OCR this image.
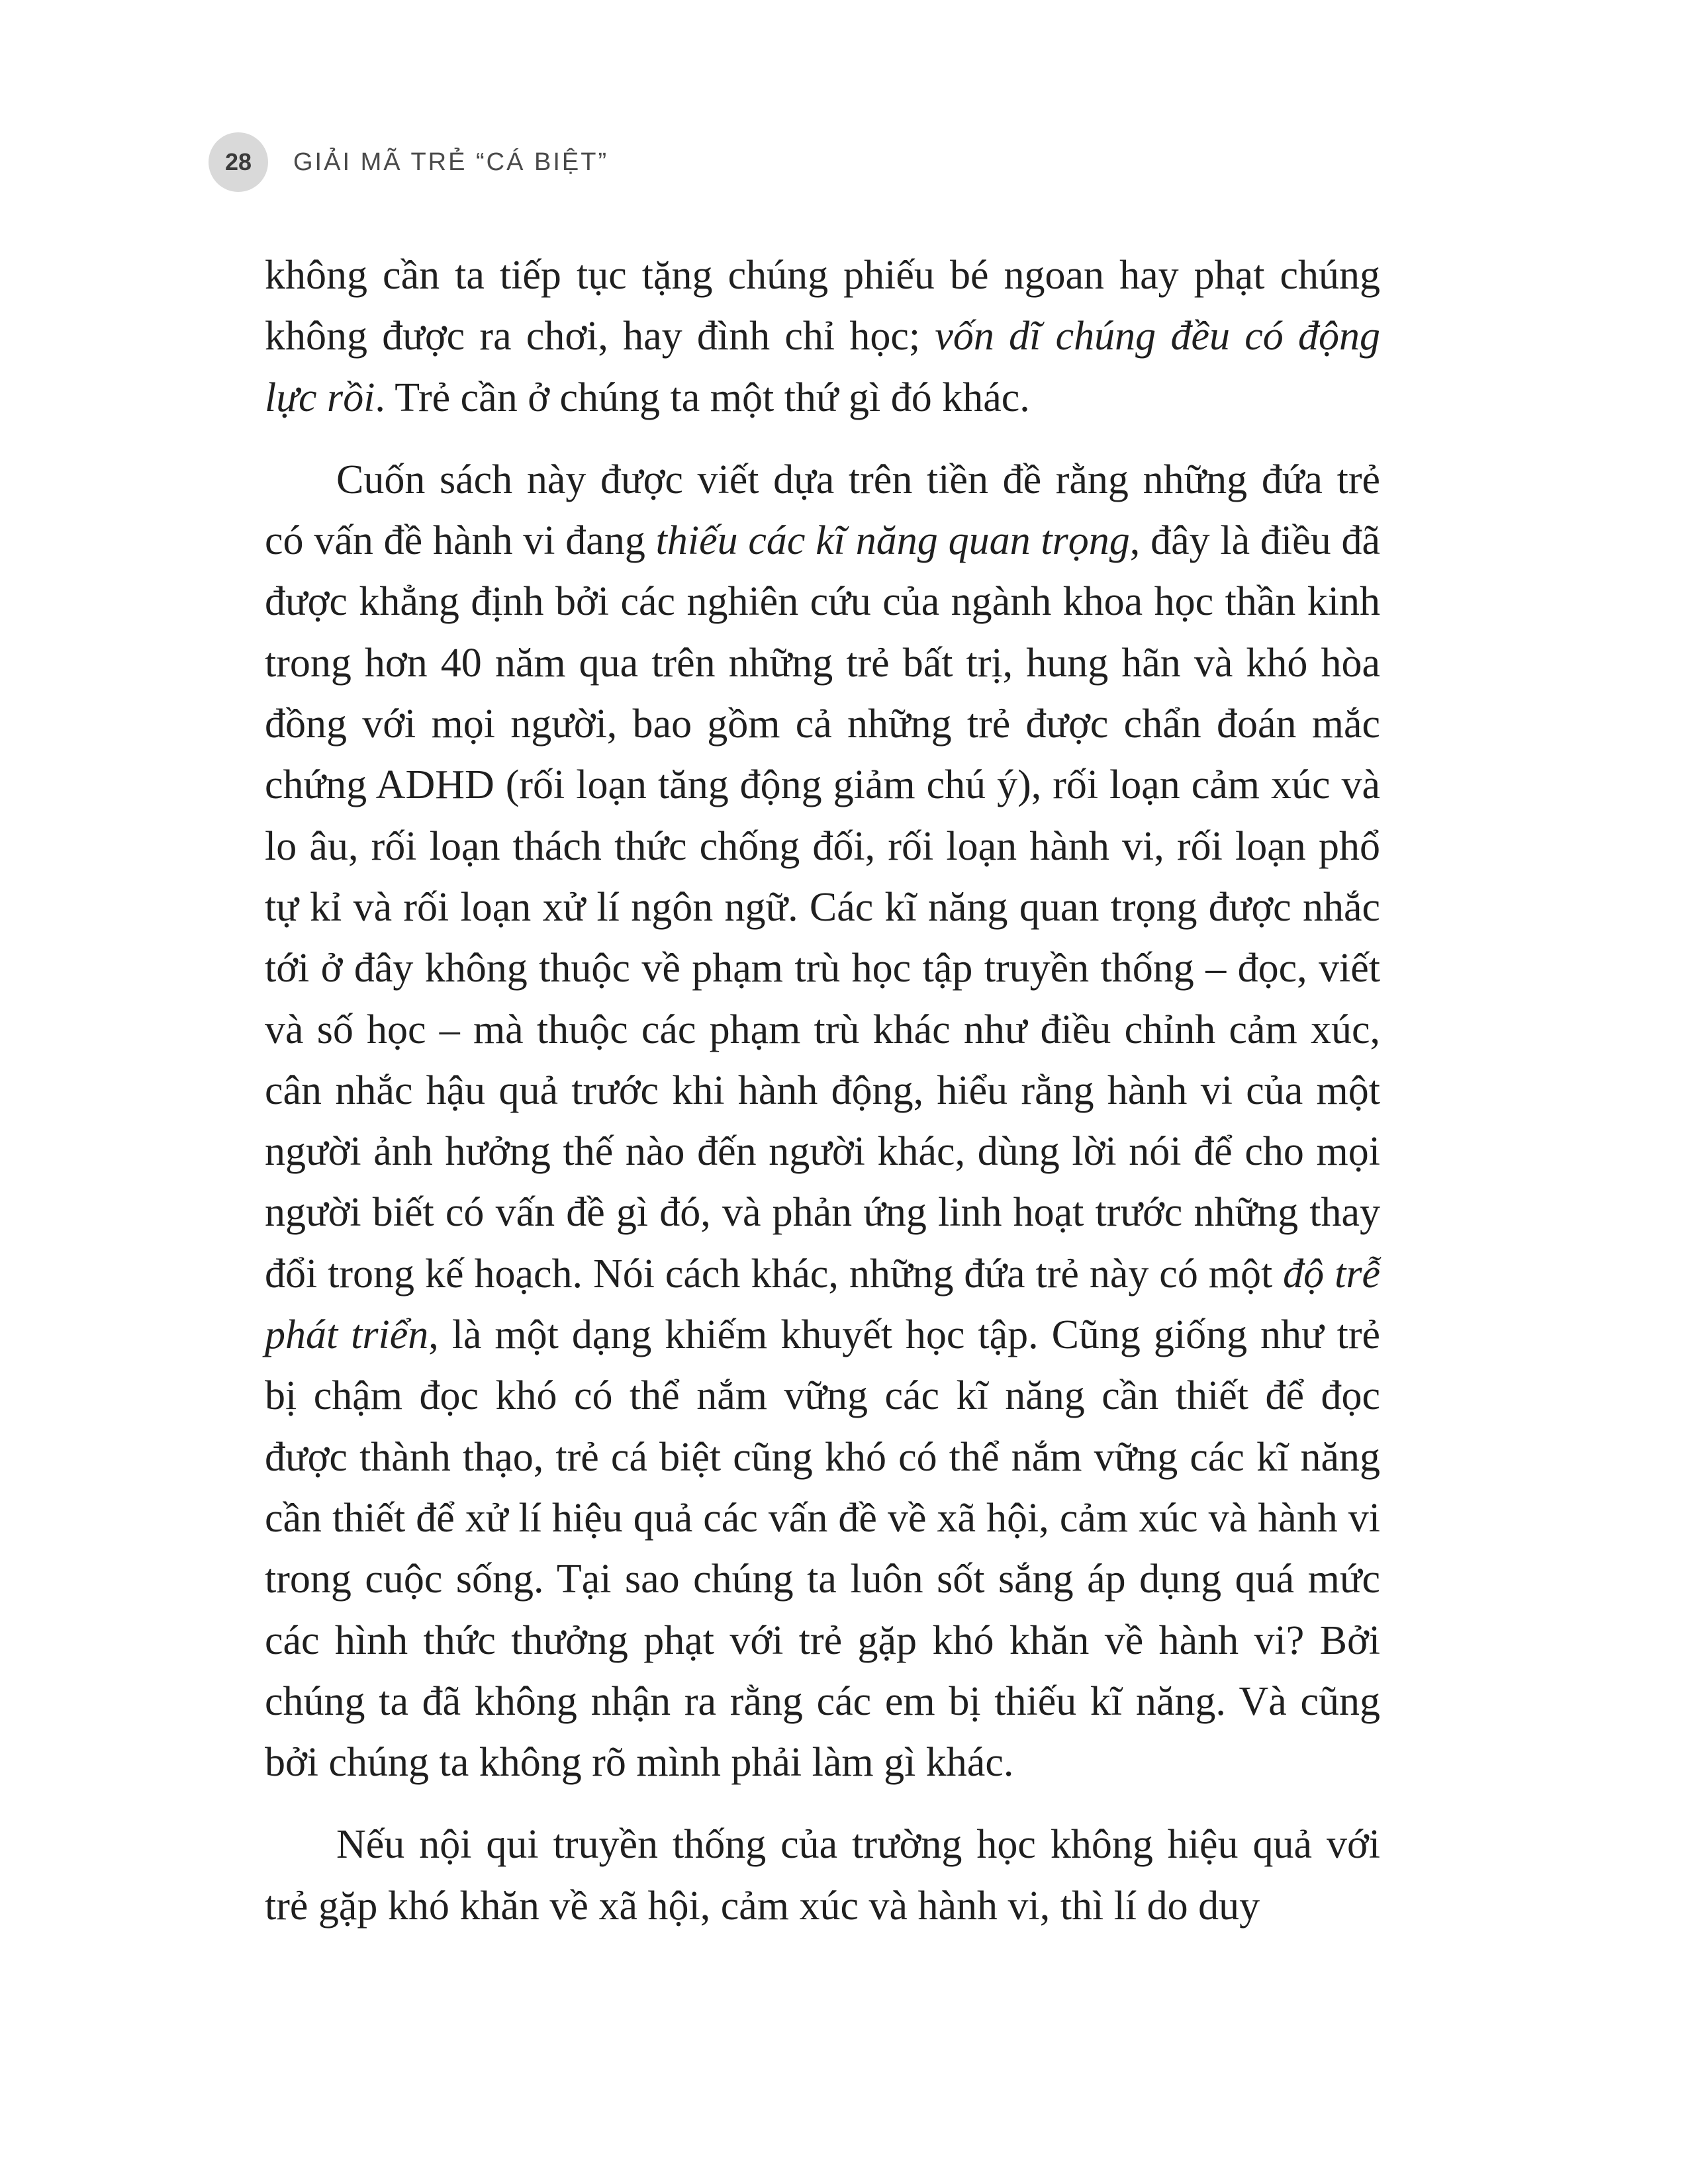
28	GIẢI MÃ TRẺ “CÁ BIỆT”

không cần ta tiếp tục tặng chúng phiếu bé ngoan hay phạt chúng không được ra chơi, hay đình chỉ học; vốn dĩ chúng đều có động lực rồi. Trẻ cần ở chúng ta một thứ gì đó khác.

Cuốn sách này được viết dựa trên tiền đề rằng những đứa trẻ có vấn đề hành vi đang thiếu các kĩ năng quan trọng, đây là điều đã được khẳng định bởi các nghiên cứu của ngành khoa học thần kinh trong hơn 40 năm qua trên những trẻ bất trị, hung hãn và khó hòa đồng với mọi người, bao gồm cả những trẻ được chẩn đoán mắc chứng ADHD (rối loạn tăng động giảm chú ý), rối loạn cảm xúc và lo âu, rối loạn thách thức chống đối, rối loạn hành vi, rối loạn phổ tự kỉ và rối loạn xử lí ngôn ngữ. Các kĩ năng quan trọng được nhắc tới ở đây không thuộc về phạm trù học tập truyền thống – đọc, viết và số học – mà thuộc các phạm trù khác như điều chỉnh cảm xúc, cân nhắc hậu quả trước khi hành động, hiểu rằng hành vi của một người ảnh hưởng thế nào đến người khác, dùng lời nói để cho mọi người biết có vấn đề gì đó, và phản ứng linh hoạt trước những thay đổi trong kế hoạch. Nói cách khác, những đứa trẻ này có một độ trễ phát triển, là một dạng khiếm khuyết học tập. Cũng giống như trẻ bị chậm đọc khó có thể nắm vững các kĩ năng cần thiết để đọc được thành thạo, trẻ cá biệt cũng khó có thể nắm vững các kĩ năng cần thiết để xử lí hiệu quả các vấn đề về xã hội, cảm xúc và hành vi trong cuộc sống. Tại sao chúng ta luôn sốt sắng áp dụng quá mức các hình thức thưởng phạt với trẻ gặp khó khăn về hành vi? Bởi chúng ta đã không nhận ra rằng các em bị thiếu kĩ năng. Và cũng bởi chúng ta không rõ mình phải làm gì khác.

Nếu nội qui truyền thống của trường học không hiệu quả với trẻ gặp khó khăn về xã hội, cảm xúc và hành vi, thì lí do duy
